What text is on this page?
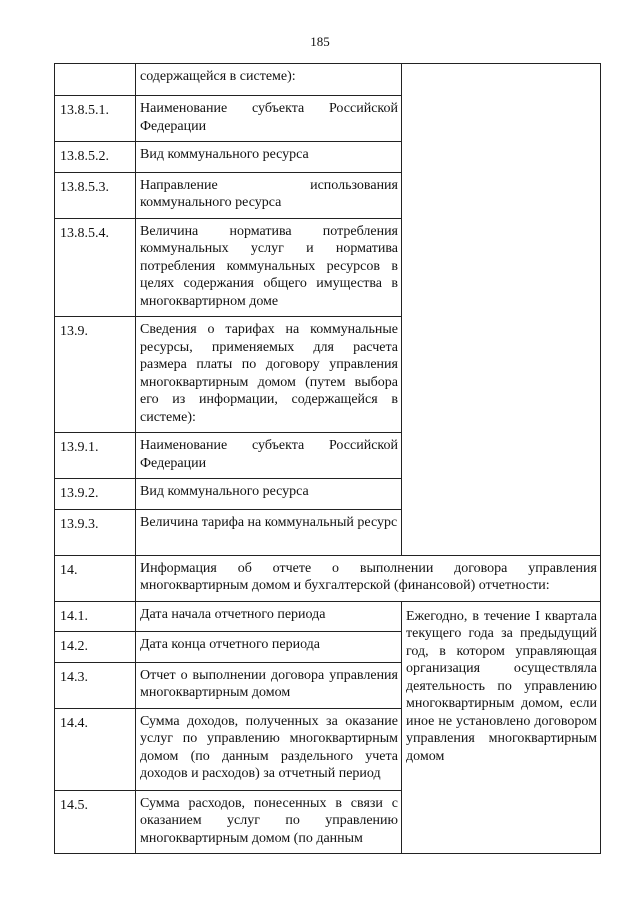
185
	содержащейся в системе):	
13.8.5.1.	Наименование субъекта Российской Федерации	
13.8.5.2.	Вид коммунального ресурса	
13.8.5.3.	Направление использования коммунального ресурса	
13.8.5.4.	Величина норматива потребления коммунальных услуг и норматива потребления коммунальных ресурсов в целях содержания общего имущества в многоквартирном доме	
13.9.	Сведения о тарифах на коммунальные ресурсы, применяемых для расчета размера платы по договору управления многоквартирным домом (путем выбора его из информации, содержащейся в системе):	
13.9.1.	Наименование субъекта Российской Федерации	
13.9.2.	Вид коммунального ресурса	
13.9.3.	Величина тарифа на коммунальный ресурс	
14.	Информация об отчете о выполнении договора управления многоквартирным домом и бухгалтерской (финансовой) отчетности:	
14.1.	Дата начала отчетного периода	Ежегодно, в течение I квартала текущего года за предыдущий год, в котором управляющая организация осуществляла деятельность по управлению многоквартирным домом, если иное не установлено договором управления многоквартирным домом
14.2.	Дата конца отчетного периода	
14.3.	Отчет о выполнении договора управления многоквартирным домом	
14.4.	Сумма доходов, полученных за оказание услуг по управлению многоквартирным домом (по данным раздельного учета доходов и расходов) за отчетный период	
14.5.	Сумма расходов, понесенных в связи с оказанием услуг по управлению многоквартирным домом (по данным	
